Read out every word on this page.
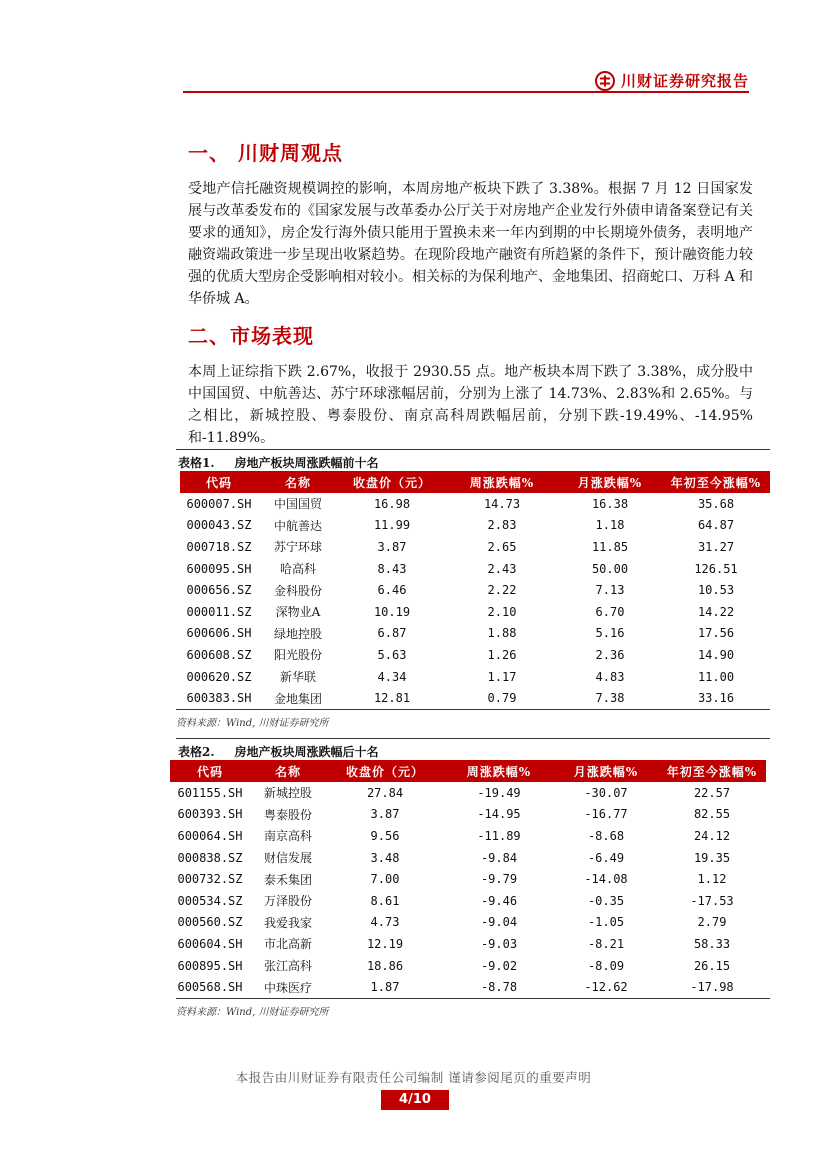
川财证券研究报告
一、 川财周观点

受地产信托融资规模调控的影响，本周房地产板块下跌了 3.38%。根据 7 月 12 日国家发展与改革委发布的《国家发展与改革委办公厅关于对房地产企业发行外债申请备案登记有关要求的通知》，房企发行海外债只能用于置换未来一年内到期的中长期境外债务，表明地产融资端政策进一步呈现出收紧趋势。在现阶段地产融资有所趋紧的条件下，预计融资能力较强的优质大型房企受影响相对较小。相关标的为保利地产、金地集团、招商蛇口、万科 A 和华侨城 A。

二、市场表现

本周上证综指下跌 2.67%，收报于 2930.55 点。地产板块本周下跌了 3.38%，成分股中中国国贸、中航善达、苏宁环球涨幅居前，分别为上涨了 14.73%、2.83%和 2.65%。与之相比，新城控股、粤泰股份、南京高科周跌幅居前，分别下跌-19.49%、-14.95%和-11.89%。

表格1. 房地产板块周涨跌幅前十名
代码	名称	收盘价（元）	周涨跌幅%	月涨跌幅%	年初至今涨幅%
600007.SH	中国国贸	16.98	14.73	16.38	35.68
000043.SZ	中航善达	11.99	2.83	1.18	64.87
000718.SZ	苏宁环球	3.87	2.65	11.85	31.27
600095.SH	哈高科	8.43	2.43	50.00	126.51
000656.SZ	金科股份	6.46	2.22	7.13	10.53
000011.SZ	深物业A	10.19	2.10	6.70	14.22
600606.SH	绿地控股	6.87	1.88	5.16	17.56
600608.SZ	阳光股份	5.63	1.26	2.36	14.90
000620.SZ	新华联	4.34	1.17	4.83	11.00
600383.SH	金地集团	12.81	0.79	7.38	33.16
资料来源：Wind, 川财证券研究所
表格2. 房地产板块周涨跌幅后十名
代码	名称	收盘价（元）	周涨跌幅%	月涨跌幅%	年初至今涨幅%
601155.SH	新城控股	27.84	-19.49	-30.07	22.57
600393.SH	粤泰股份	3.87	-14.95	-16.77	82.55
600064.SH	南京高科	9.56	-11.89	-8.68	24.12
000838.SZ	财信发展	3.48	-9.84	-6.49	19.35
000732.SZ	泰禾集团	7.00	-9.79	-14.08	1.12
000534.SZ	万泽股份	8.61	-9.46	-0.35	-17.53
000560.SZ	我爱我家	4.73	-9.04	-1.05	2.79
600604.SH	市北高新	12.19	-9.03	-8.21	58.33
600895.SH	张江高科	18.86	-9.02	-8.09	26.15
600568.SH	中珠医疗	1.87	-8.78	-12.62	-17.98
资料来源：Wind, 川财证券研究所
本报告由川财证券有限责任公司编制 谨请参阅尾页的重要声明
4/10
